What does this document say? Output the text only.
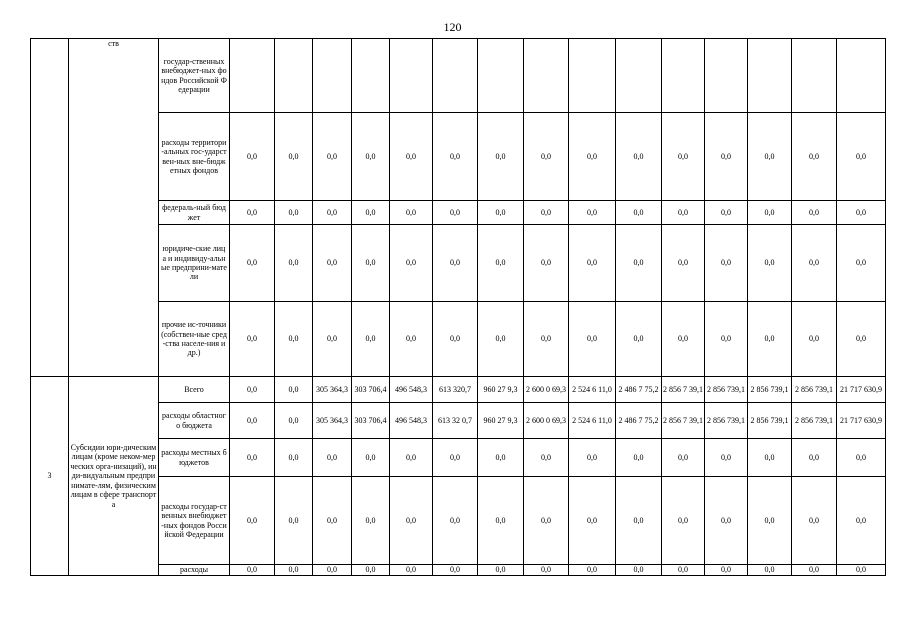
120
	ств	государ-ственных внебюджет-ных фондов Российской Федерации																
		расходы территори-альных гос-ударствен-ных вне-бюджетных фондов	0,0	0,0	0,0	0,0	0,0	0,0	0,0	0,0	0,0	0,0	0,0	0,0	0,0	0,0	0,0	
		федераль-ный бюджет	0,0	0,0	0,0	0,0	0,0	0,0	0,0	0,0	0,0	0,0	0,0	0,0	0,0	0,0	0,0	
		юридиче-ские лица и индивиду-альные предприни-матели	0,0	0,0	0,0	0,0	0,0	0,0	0,0	0,0	0,0	0,0	0,0	0,0	0,0	0,0	0,0	
		прочие ис-точники (собствен-ные сред-ства населе-ния и др.)	0,0	0,0	0,0	0,0	0,0	0,0	0,0	0,0	0,0	0,0	0,0	0,0	0,0	0,0	0,0	
3	Субсидии юри-дическим лицам (кроме неком-мерческих орга-низаций), инди-видуальным предпринимате-лям, физическим лицам в сфере транспорта	Всего	0,0	0,0	305 364,3	303 706,4	496 548,3	613 320,7	960 27 9,3	2 600 0 69,3	2 524 6 11,0	2 486 7 75,2	2 856 7 39,1	2 856 739,1	2 856 739,1	2 856 739,1	21 717 630,9	
		расходы областного бюджета	0,0	0,0	305 364,3	303 706,4	496 548,3	613 32 0,7	960 27 9,3	2 600 0 69,3	2 524 6 11,0	2 486 7 75,2	2 856 7 39,1	2 856 739,1	2 856 739,1	2 856 739,1	21 717 630,9	
		расходы местных бюджетов	0,0	0,0	0,0	0,0	0,0	0,0	0,0	0,0	0,0	0,0	0,0	0,0	0,0	0,0	0,0	
		расходы государ-ственных внебюджет-ных фондов Российской Федерации	0,0	0,0	0,0	0,0	0,0	0,0	0,0	0,0	0,0	0,0	0,0	0,0	0,0	0,0	0,0	
		расходы	0,0	0,0	0,0	0,0	0,0	0,0	0,0	0,0	0,0	0,0	0,0	0,0	0,0	0,0	0,0	
